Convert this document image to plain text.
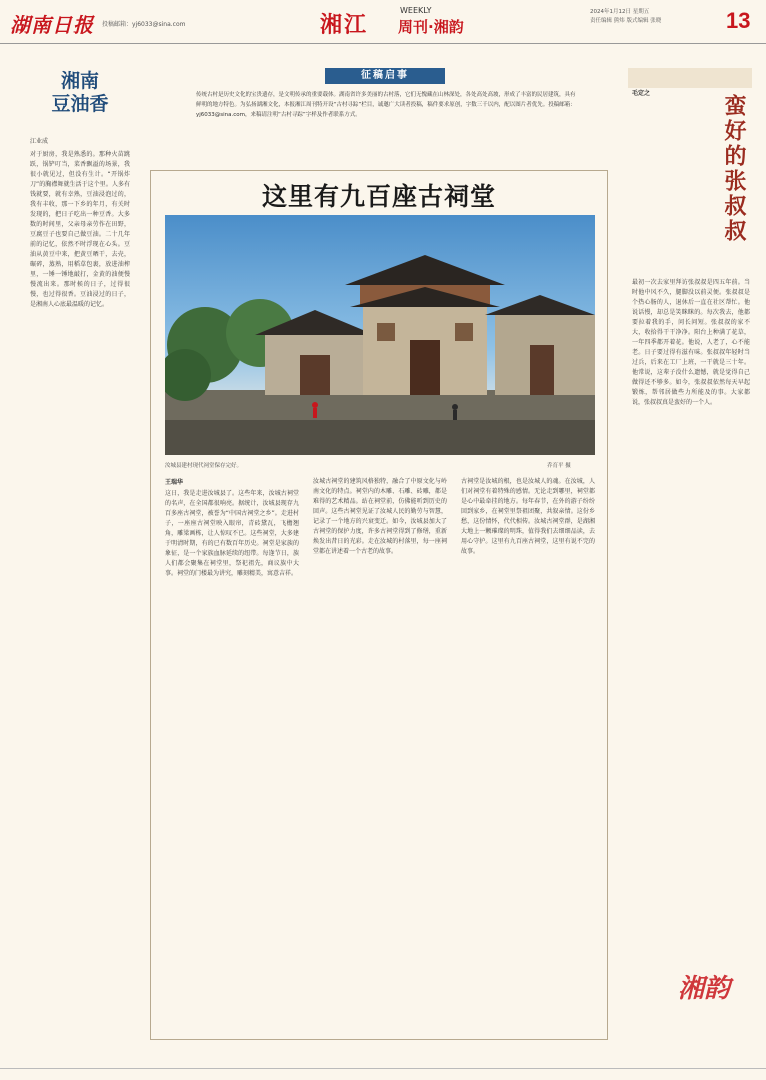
湖南日报 投稿邮箱：yj6033@sina.com	湘江
WEEKLY
周刊·湘韵
2024年1月12日 星期五
责任编辑 熊炜 版式编辑 张晓	13
湘南
豆油香
江业成
对于厨房，我是熟悉的。那种火苗跳跃，锅铲叮当，菜香飘溢的场景，我很小就见过，但没有生计。“开锅炸刀”的胸襟舞就生活于这个里。人多有钱就要，就有幸熟，豆油浸泡过的，我有丰收，那一下乡的年月，有关时发现的，把日子吃出一种豆香。大多数的时间里，父亲母亲劳作在田野，豆腐豆子也要自己做豆油。二十几年前的记忆，依然不时浮现在心头。豆油从黄豆中来，把黄豆晒干，去壳，碾碎，蒸熟，用稻草包裹，放进油榨里，一锤一锤地敲打，金黄的油便慢慢流出来。那时候的日子，过得很慢，也过得很香。豆油浸过的日子，是湘南人心底最温暖的记忆。
征稿启事
传统古村是历史文化的宝贵遗存，是文明传承的重要载体。湖南省许多美丽的古村落，它们无愧藏在山林深处，各处高处高坡，形成了丰富的民居建筑，具有鲜明的地方特色。为弘扬湖湘文化，本报湘江周刊特开设“古村寻踪”栏目，诚邀广大读者投稿，稿件要求原创，字数三千以内，配以图片者优先。投稿邮箱：yj6033@sina.com，来稿请注明“古村寻踪”字样及作者联系方式。
这里有九百座古祠堂
汝城县建村现代祠堂保存完好。	乔育平 摄
王瑞华
这日，我是走进汝城县了。这些年来，汝城古祠堂的名声，在全国都很响亮。据统计，汝城县现存九百多座古祠堂，被誉为“中国古祠堂之乡”。走进村子，一座座古祠堂映入眼帘，青砖黛瓦，飞檐翘角，雕梁画栋，让人惊叹不已。这些祠堂，大多建于明清时期，有的已有数百年历史。祠堂是家族的象征，是一个家族血脉延续的纽带。每逢节日，族人们都会聚集在祠堂里，祭祀祖先，商议族中大事。祠堂的门楼最为讲究，雕刻精美，寓意吉祥。
汝城古祠堂的建筑风格独特，融合了中原文化与岭南文化的特点。祠堂内的木雕、石雕、砖雕，都是难得的艺术精品。站在祠堂前，仿佛能听到历史的回声。这些古祠堂见证了汝城人民的勤劳与智慧，记录了一个地方的兴衰变迁。如今，汝城县加大了古祠堂的保护力度，许多古祠堂得到了修缮，重新焕发出昔日的光彩。走在汝城的村落里，每一座祠堂都在讲述着一个古老的故事。
古祠堂是汝城的根，也是汝城人的魂。在汝城，人们对祠堂有着特殊的感情。无论走到哪里，祠堂都是心中最牵挂的地方。每年春节，在外的游子纷纷回到家乡，在祠堂里祭祖团聚，共叙亲情。这份乡愁，这份情怀，代代相传。汝城古祠堂群，是湖湘大地上一颗璀璨的明珠，值得我们去细细品读，去用心守护。这里有九百座古祠堂，这里有说不完的故事。
毛定之
蛮好的张叔叔
最初一次去家里拜访张叔叔是四五年前。当时他中风不久，腿脚没以前灵便。张叔叔是个热心肠的人，退休后一直在社区帮忙。他说话慢，却总是笑眯眯的。每次我去，他都要拉着我的手，问长问短。张叔叔的家不大，收拾得干干净净。阳台上种满了花草，一年四季都开着花。他说，人老了，心不能老。日子要过得有滋有味。张叔叔年轻时当过兵，后来在工厂上班，一干就是三十年。他常说，这辈子没什么遗憾，就是觉得自己做得还不够多。如今，张叔叔依然每天早起锻炼，帮邻居做些力所能及的事。大家都说，张叔叔真是蛮好的一个人。
湘韵
